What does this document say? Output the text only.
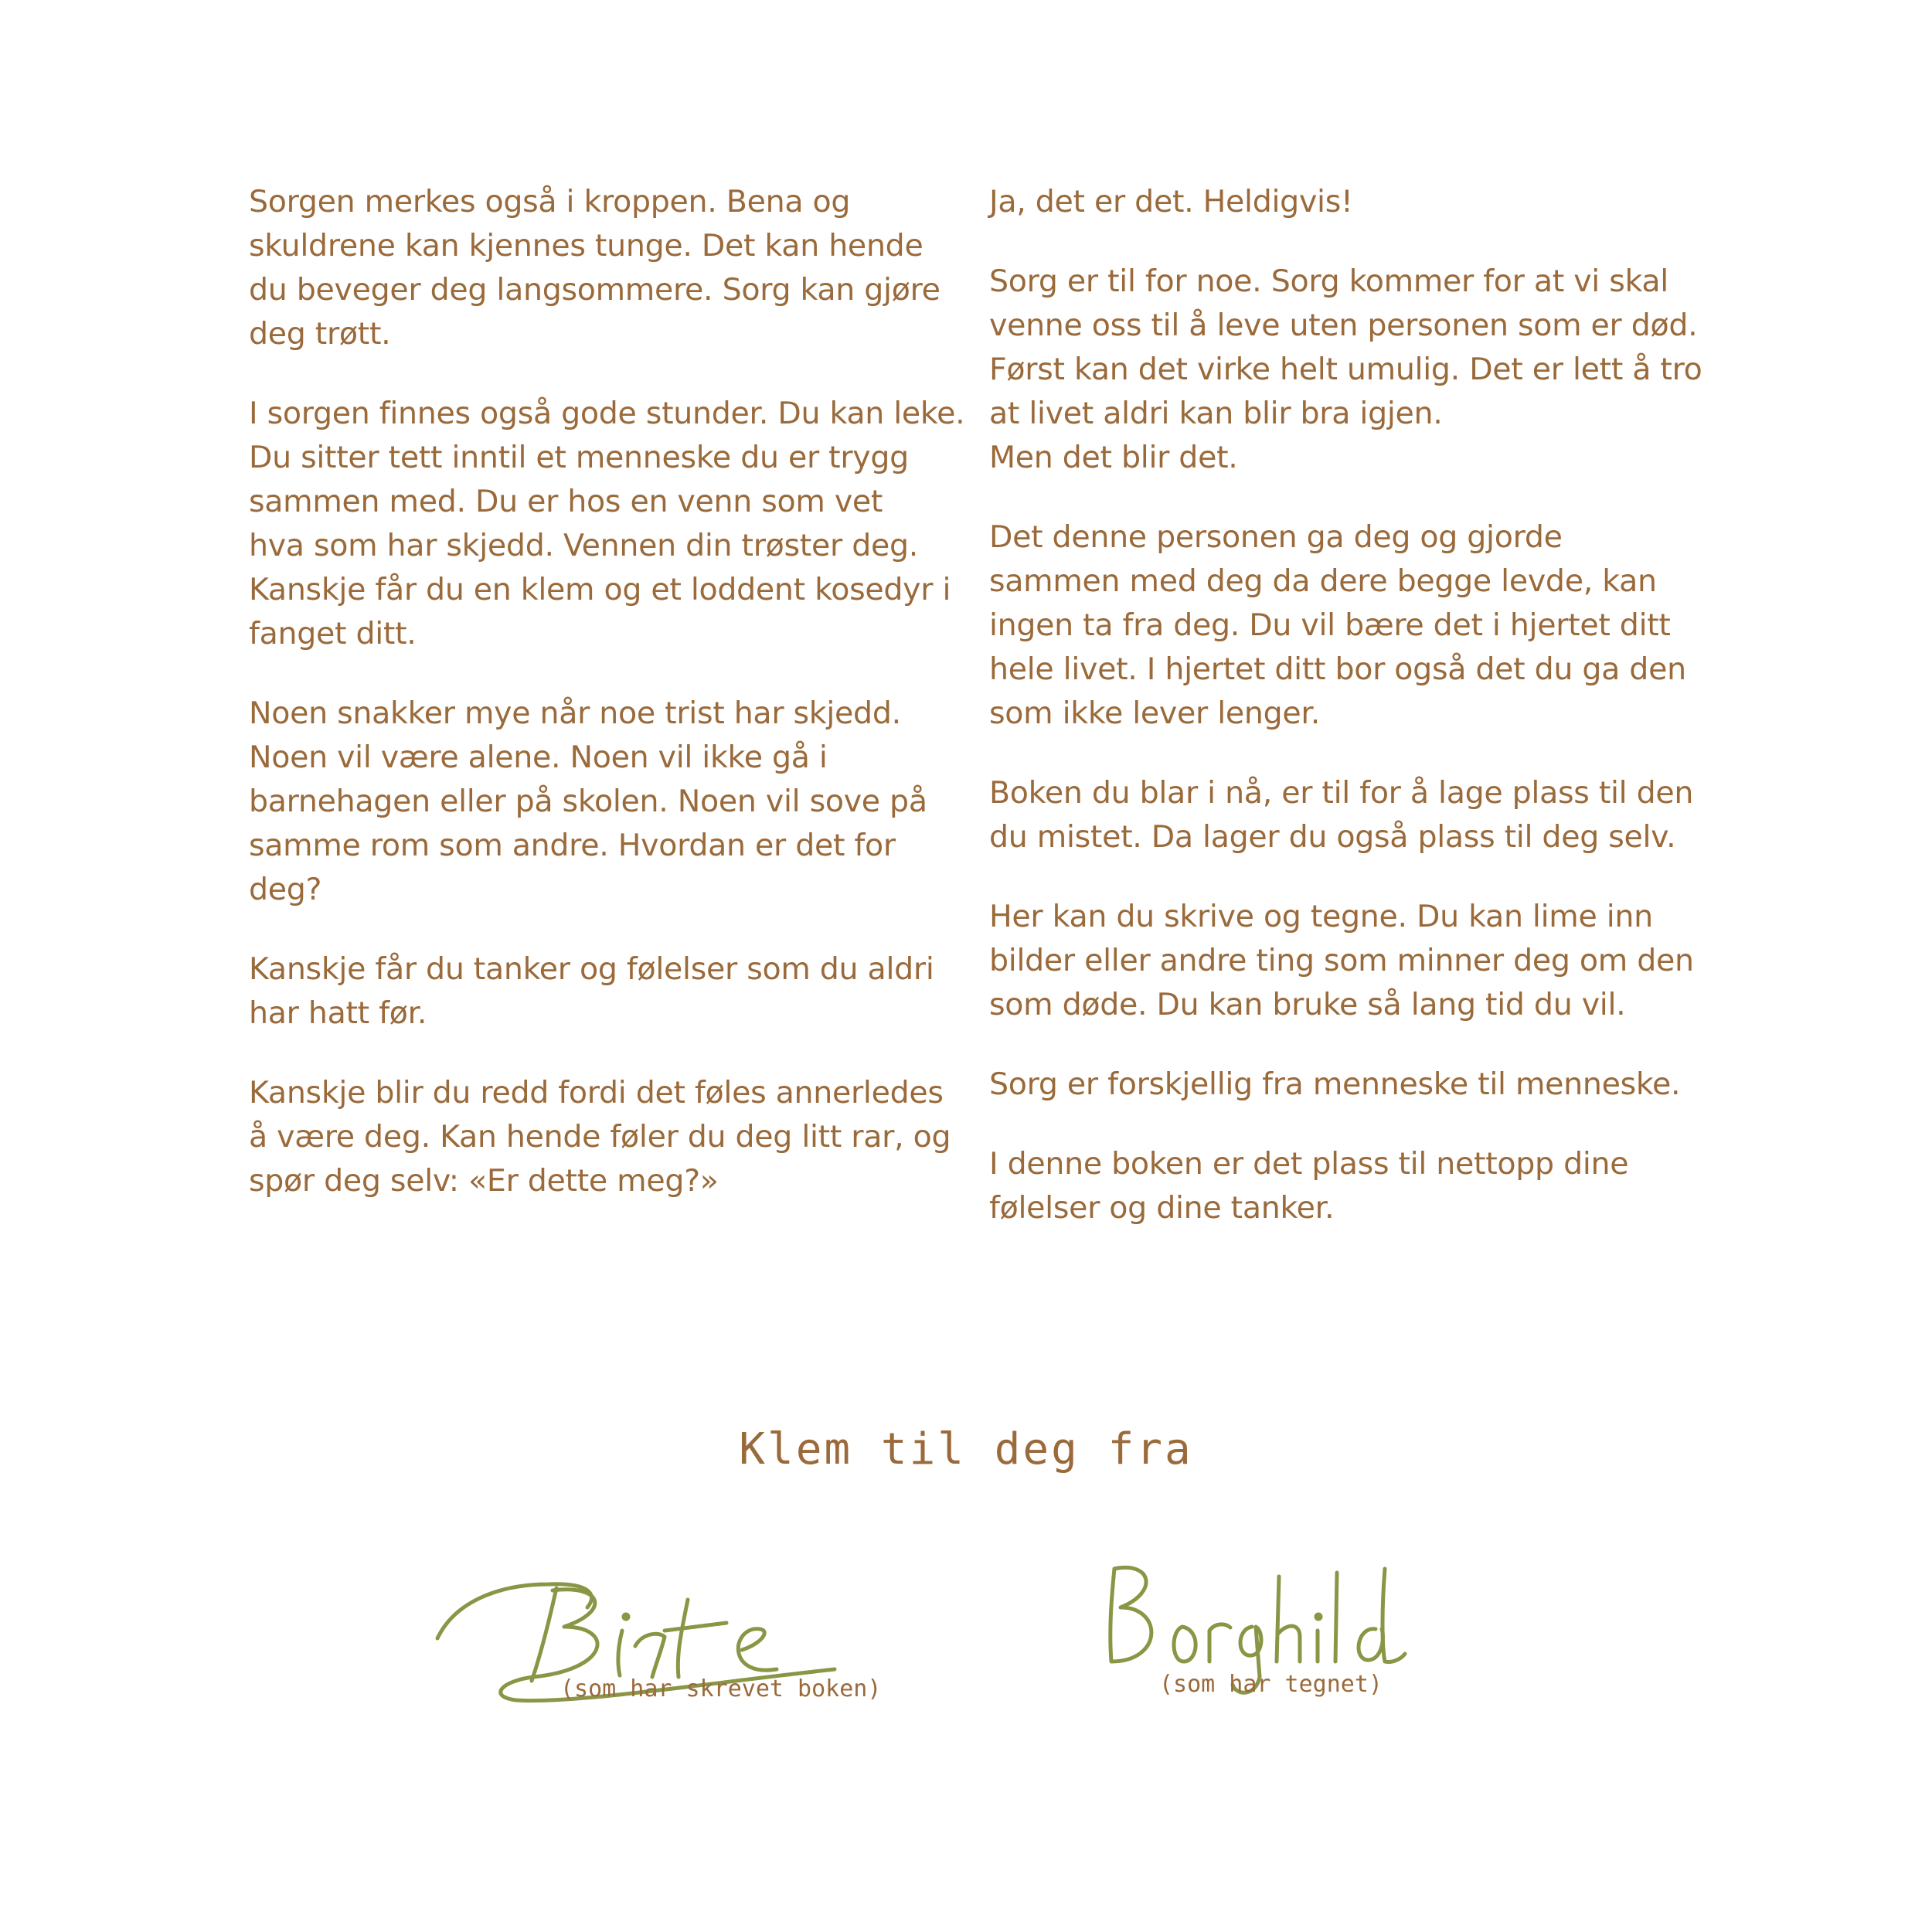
Sorgen merkes også i kroppen. Bena og
skuldrene kan kjennes tunge. Det kan hende
du beveger deg langsommere. Sorg kan gjøre
deg trøtt.

I sorgen finnes også gode stunder. Du kan leke.
Du sitter tett inntil et menneske du er trygg
sammen med. Du er hos en venn som vet
hva som har skjedd. Vennen din trøster deg.
Kanskje får du en klem og et loddent kosedyr i
fanget ditt.

Noen snakker mye når noe trist har skjedd.
Noen vil være alene. Noen vil ikke gå i
barnehagen eller på skolen. Noen vil sove på
samme rom som andre. Hvordan er det for
deg?

Kanskje får du tanker og følelser som du aldri
har hatt før.

Kanskje blir du redd fordi det føles annerledes
å være deg. Kan hende føler du deg litt rar, og
spør deg selv: «Er dette meg?»

Ja, det er det. Heldigvis!

Sorg er til for noe. Sorg kommer for at vi skal
venne oss til å leve uten personen som er død.
Først kan det virke helt umulig. Det er lett å tro
at livet aldri kan blir bra igjen.
Men det blir det.

Det denne personen ga deg og gjorde
sammen med deg da dere begge levde, kan
ingen ta fra deg. Du vil bære det i hjertet ditt
hele livet. I hjertet ditt bor også det du ga den
som ikke lever lenger.

Boken du blar i nå, er til for å lage plass til den
du mistet. Da lager du også plass til deg selv.

Her kan du skrive og tegne. Du kan lime inn
bilder eller andre ting som minner deg om den
som døde. Du kan bruke så lang tid du vil.

Sorg er forskjellig fra menneske til menneske.

I denne boken er det plass til nettopp dine
følelser og dine tanker.

Klem til deg fra
(som har skrevet boken)	(som har tegnet)
